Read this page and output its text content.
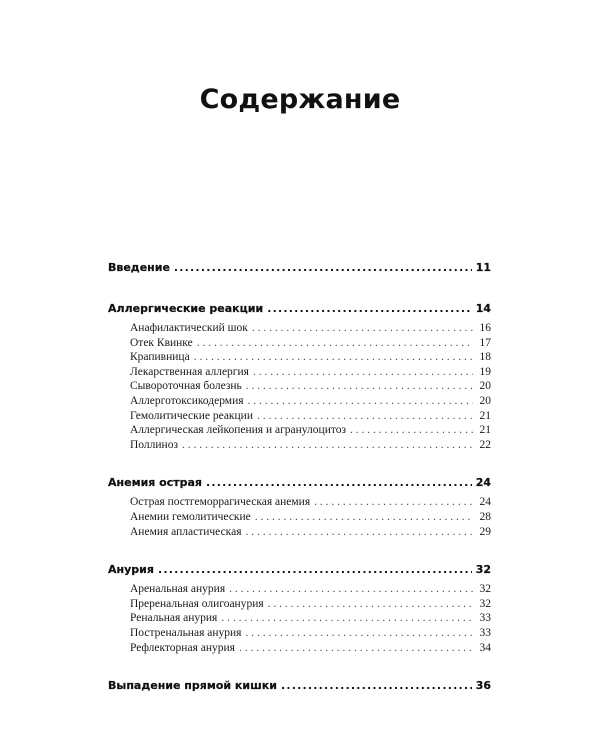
Содержание
Введение .....	11
Аллергические реакции .....	14
Анафилактический шок . . .	16
Отек Квинке . . .	17
Крапивница . . .	18
Лекарственная аллергия . . .	19
Сывороточная болезнь . . .	20
Аллерготоксикодермия . . .	20
Гемолитические реакции . . .	21
Аллергическая лейкопения и агранулоцитоз . . .	21
Поллиноз . . .	22
Анемия острая .....	24
Острая постгеморрагическая анемия . . .	24
Анемии гемолитические . . .	28
Анемия апластическая . . .	29
Анурия .....	32
Аренальная анурия . . .	32
Преренальная олигоанурия . . .	32
Ренальная анурия . . .	33
Постренальная анурия . . .	33
Рефлекторная анурия . . .	34
Выпадение прямой кишки .....	36
